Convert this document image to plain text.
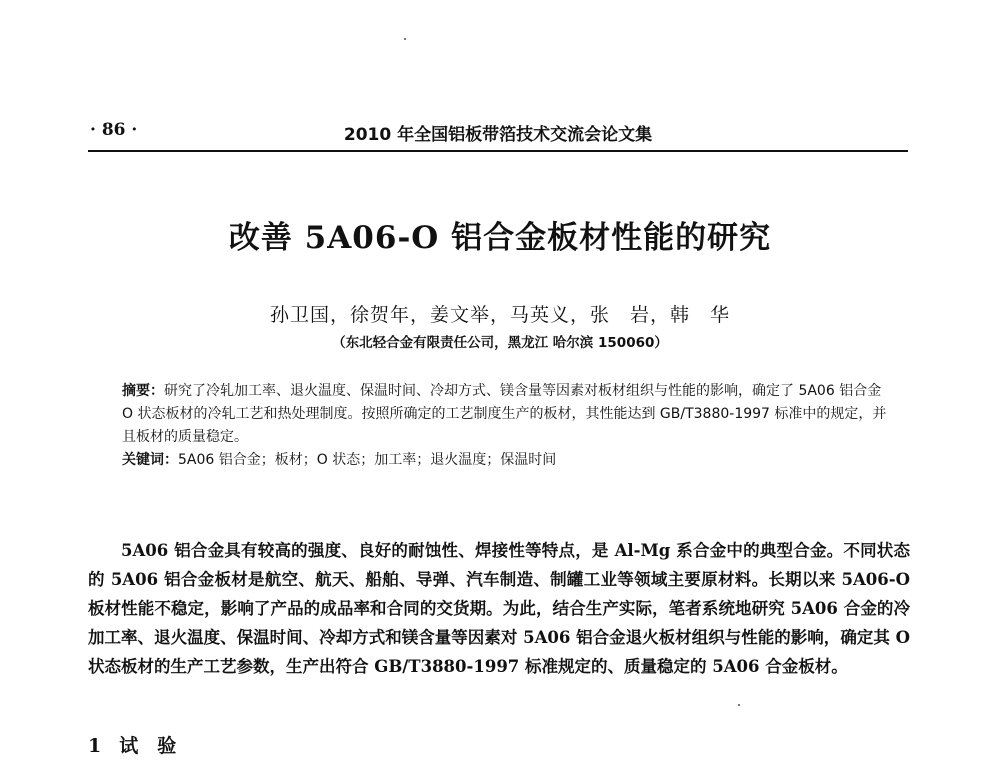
· 86 ·	2010 年全国铝板带箔技术交流会论文集
改善 5A06-O 铝合金板材性能的研究
孙卫国，徐贺年，姜文举，马英义，张　岩，韩　华
（东北轻合金有限责任公司，黑龙江 哈尔滨 150060）
摘要：研究了冷轧加工率、退火温度、保温时间、冷却方式、镁含量等因素对板材组织与性能的影响，确定了 5A06 铝合金 O 状态板材的冷轧工艺和热处理制度。按照所确定的工艺制度生产的板材，其性能达到 GB/T3880-1997 标准中的规定，并且板材的质量稳定。
关键词：5A06 铝合金；板材；O 状态；加工率；退火温度；保温时间
5A06 铝合金具有较高的强度、良好的耐蚀性、焊接性等特点，是 Al-Mg 系合金中的典型合金。不同状态的 5A06 铝合金板材是航空、航天、船舶、导弹、汽车制造、制罐工业等领域主要原材料。长期以来 5A06-O 板材性能不稳定，影响了产品的成品率和合同的交货期。为此，结合生产实际，笔者系统地研究 5A06 合金的冷加工率、退火温度、保温时间、冷却方式和镁含量等因素对 5A06 铝合金退火板材组织与性能的影响，确定其 O 状态板材的生产工艺参数，生产出符合 GB/T3880-1997 标准规定的、质量稳定的 5A06 合金板材。
1 试　验
